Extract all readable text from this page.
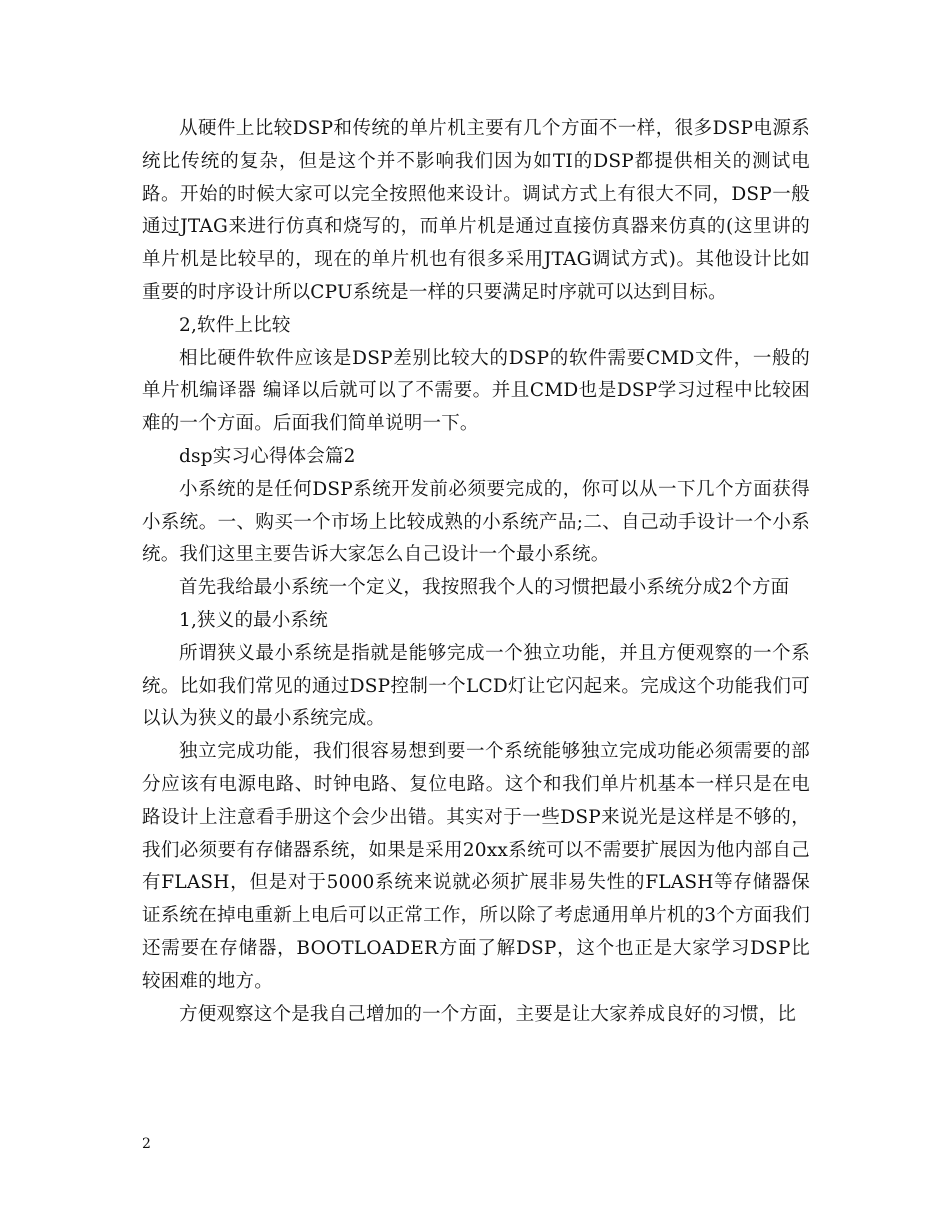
从硬件上比较DSP和传统的单片机主要有几个方面不一样，很多DSP电源系统比传统的复杂，但是这个并不影响我们因为如TI的DSP都提供相关的测试电路。开始的时候大家可以完全按照他来设计。调试方式上有很大不同，DSP一般通过JTAG来进行仿真和烧写的，而单片机是通过直接仿真器来仿真的(这里讲的单片机是比较早的，现在的单片机也有很多采用JTAG调试方式)。其他设计比如重要的时序设计所以CPU系统是一样的只要满足时序就可以达到目标。

2,软件上比较

相比硬件软件应该是DSP差别比较大的DSP的软件需要CMD文件，一般的单片机编译器 编译以后就可以了不需要。并且CMD也是DSP学习过程中比较困难的一个方面。后面我们简单说明一下。

dsp实习心得体会篇2

小系统的是任何DSP系统开发前必须要完成的，你可以从一下几个方面获得小系统。一、购买一个市场上比较成熟的小系统产品;二、自己动手设计一个小系统。我们这里主要告诉大家怎么自己设计一个最小系统。

首先我给最小系统一个定义，我按照我个人的习惯把最小系统分成2个方面

1,狭义的最小系统

所谓狭义最小系统是指就是能够完成一个独立功能，并且方便观察的一个系统。比如我们常见的通过DSP控制一个LCD灯让它闪起来。完成这个功能我们可以认为狭义的最小系统完成。

独立完成功能，我们很容易想到要一个系统能够独立完成功能必须需要的部分应该有电源电路、时钟电路、复位电路。这个和我们单片机基本一样只是在电路设计上注意看手册这个会少出错。其实对于一些DSP来说光是这样是不够的，我们必须要有存储器系统，如果是采用20xx系统可以不需要扩展因为他内部自己有FLASH，但是对于5000系统来说就必须扩展非易失性的FLASH等存储器保证系统在掉电重新上电后可以正常工作，所以除了考虑通用单片机的3个方面我们还需要在存储器，BOOTLOADER方面了解DSP，这个也正是大家学习DSP比较困难的地方。

方便观察这个是我自己增加的一个方面，主要是让大家养成良好的习惯，比

2
